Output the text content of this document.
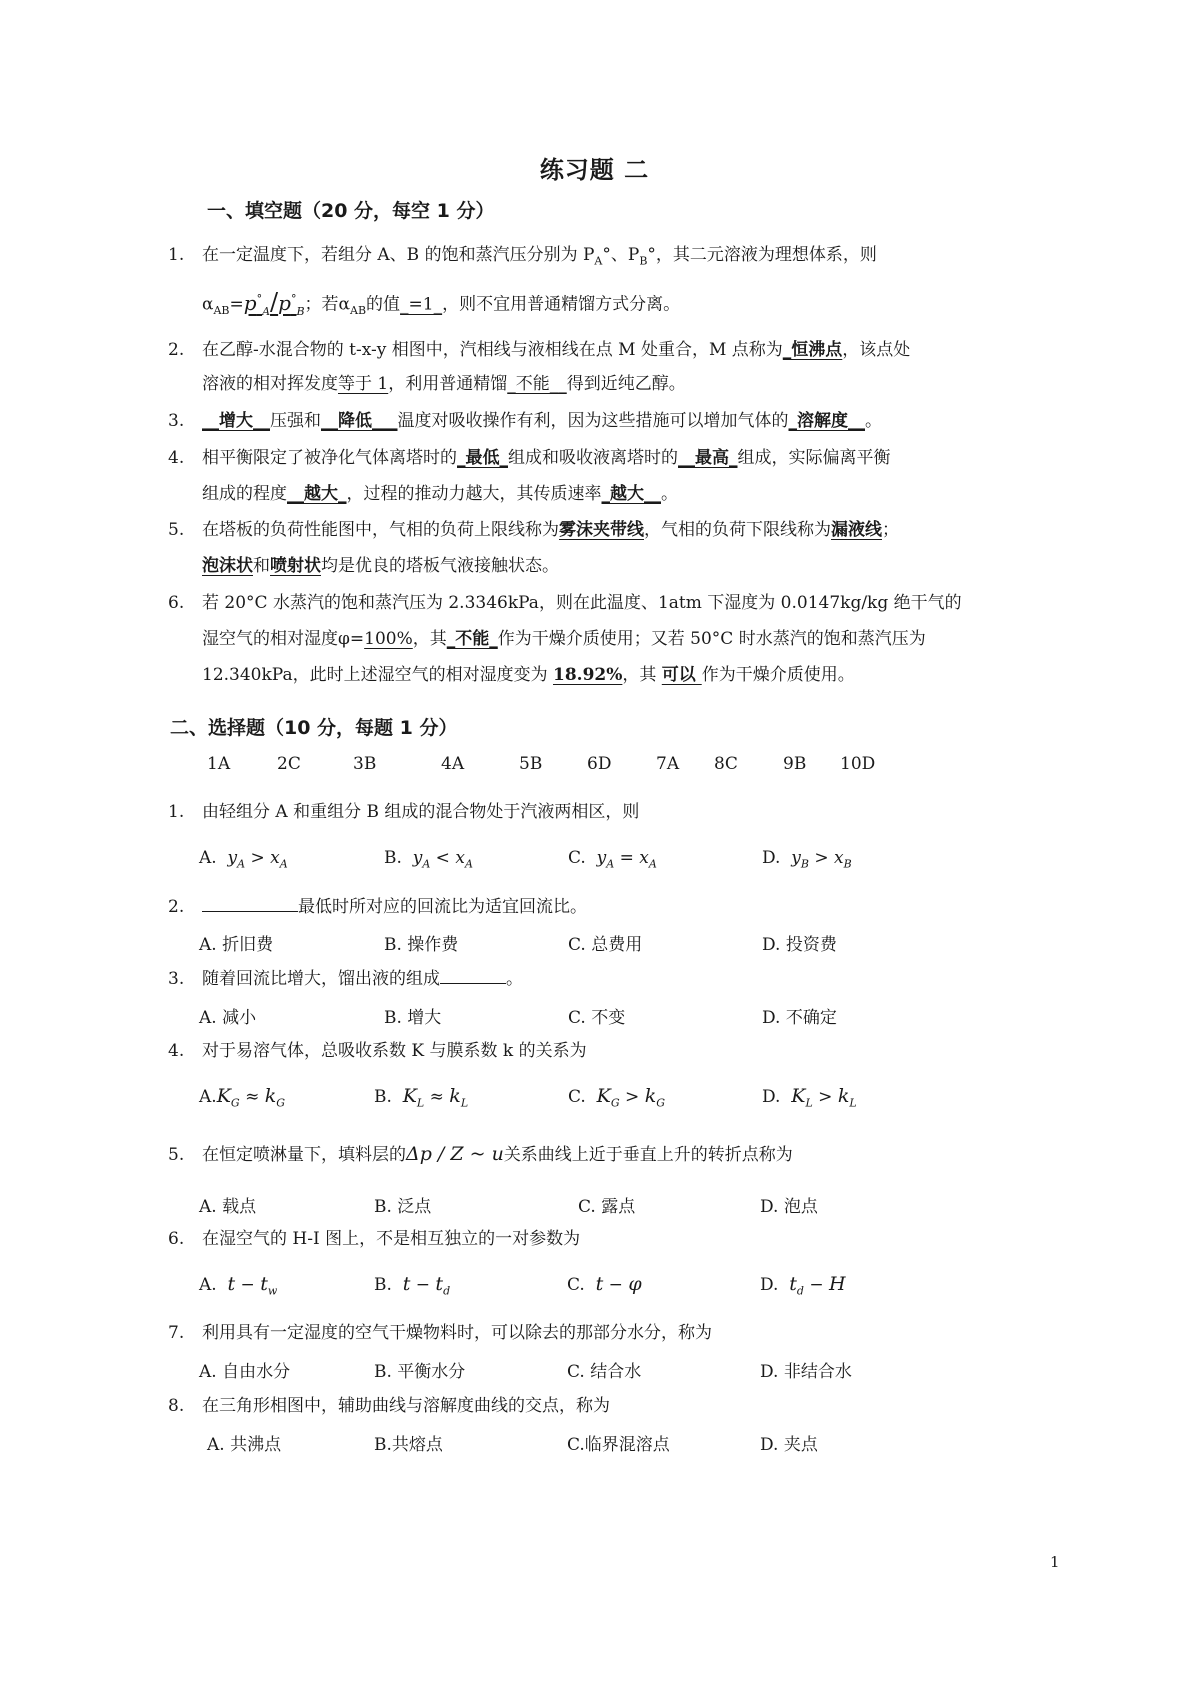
练习题 二
一、填空题（20 分，每空 1 分）
1. 在一定温度下，若组分 A、B 的饱和蒸汽压分别为 $P_A^\circ$、$P_B^\circ$，其二元溶液为理想体系，则
$\alpha_{AB}=p^\circ_A/p^\circ_B$；若$\alpha_{AB}$的值_=1_，则不宜用普通精馏方式分离。
2. 在乙醇-水混合物的 t-x-y 相图中，汽相线与液相线在点 M 处重合，M 点称为_恒沸点，该点处
溶液的相对挥发度等于 1，利用普通精馏_不能__得到近纯乙醇。
3. __增大__压强和__降低___温度对吸收操作有利，因为这些措施可以增加气体的_溶解度__。
4. 相平衡限定了被净化气体离塔时的_最低_组成和吸收液离塔时的__最高_组成，实际偏离平衡
组成的程度__越大_，过程的推动力越大，其传质速率_越大__。
5. 在塔板的负荷性能图中，气相的负荷上限线称为雾沫夹带线，气相的负荷下限线称为漏液线；
泡沫状和喷射状均是优良的塔板气液接触状态。
6. 若 20°C 水蒸汽的饱和蒸汽压为 2.3346kPa，则在此温度、1atm 下湿度为 0.0147kg/kg 绝干气的
湿空气的相对湿度φ=100%，其_不能_作为干燥介质使用；又若 50°C 时水蒸汽的饱和蒸汽压为
12.340kPa，此时上述湿空气的相对湿度变为 18.92%，其 可以 作为干燥介质使用。
二、选择题（10 分，每题 1 分）
1A	2C	3B	4A	5B	6D	7A 8C	9B 10D
1. 由轻组分 A 和重组分 B 组成的混合物处于汽液两相区，则
A. $y_A > x_A$	B. $y_A < x_A$	C. $y_A = x_A$	D. $y_B > x_B$
2.	最低时所对应的回流比为适宜回流比。
A. 折旧费	B. 操作费	C. 总费用	D. 投资费
3. 随着回流比增大，馏出液的组成	。
A. 减小	B. 增大	C. 不变	D. 不确定
4. 对于易溶气体，总吸收系数 K 与膜系数 k 的关系为
$A.K_G \approx k_G$	B. $K_L \approx k_L$	C. $K_G > k_G$	D. $K_L > k_L$
5. 在恒定喷淋量下，填料层的Δp / Z ~ u关系曲线上近于垂直上升的转折点称为
A. 载点	B. 泛点	C. 露点	D. 泡点
6. 在湿空气的 H-I 图上，不是相互独立的一对参数为
A. $t - t_w$	B. $t - t_d$	C. t − φ	D. $t_d - H$
7. 利用具有一定湿度的空气干燥物料时，可以除去的那部分水分，称为
A. 自由水分	B. 平衡水分	C. 结合水	D. 非结合水
8. 在三角形相图中，辅助曲线与溶解度曲线的交点，称为
A. 共沸点	B.共熔点	C.临界混溶点	D. 夹点
1
